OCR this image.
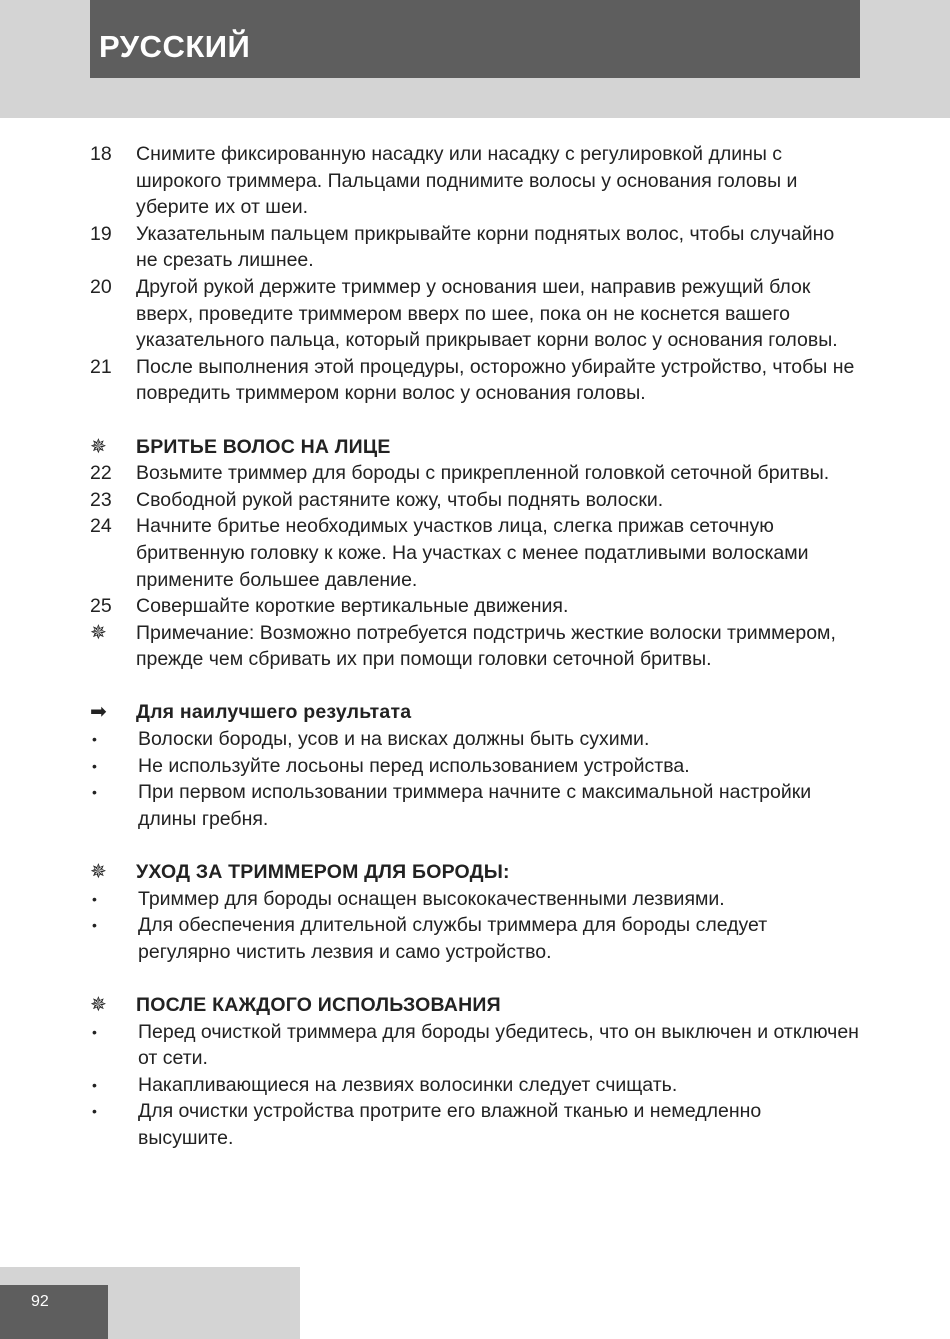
РУССКИЙ
18	Снимите фиксированную насадку или насадку с регулировкой длины с широкого триммера. Пальцами поднимите волосы у основания головы и уберите их от шеи.
19	Указательным пальцем прикрывайте корни поднятых волос, чтобы случайно не срезать лишнее.
20	Другой рукой держите триммер у основания шеи, направив режущий блок вверх, проведите триммером вверх по шее, пока он не коснется вашего указательного пальца, который прикрывает корни волос у основания головы.
21	После выполнения этой процедуры, осторожно убирайте устройство, чтобы не повредить триммером корни волос у основания головы.
✵	БРИТЬЕ ВОЛОС НА ЛИЦЕ
22	Возьмите триммер для бороды с прикрепленной головкой сеточной бритвы.
23	Свободной рукой растяните кожу, чтобы поднять волоски.
24	Начните бритье необходимых участков лица, слегка прижав сеточную бритвенную головку к коже. На участках с менее податливыми волосками примените большее давление.
25	Совершайте короткие вертикальные движения.
✵	Примечание: Возможно потребуется подстричь жесткие волоски триммером, прежде чем сбривать их при помощи головки сеточной бритвы.
➡	Для наилучшего результата
•	Волоски бороды, усов и на висках должны быть сухими.
•	Не используйте лосьоны перед использованием устройства.
•	При первом использовании триммера начните с максимальной настройки длины гребня.
✵	УХОД ЗА ТРИММЕРОМ ДЛЯ БОРОДЫ:
•	Триммер для бороды оснащен высококачественными лезвиями.
•	Для обеспечения длительной службы триммера для бороды следует регулярно чистить лезвия и само устройство.
✵	ПОСЛЕ КАЖДОГО ИСПОЛЬЗОВАНИЯ
•	Перед очисткой триммера для бороды убедитесь, что он выключен и отключен от сети.
•	Накапливающиеся на лезвиях волосинки следует счищать.
•	Для очистки устройства протрите его влажной тканью и немедленно высушите.
92
